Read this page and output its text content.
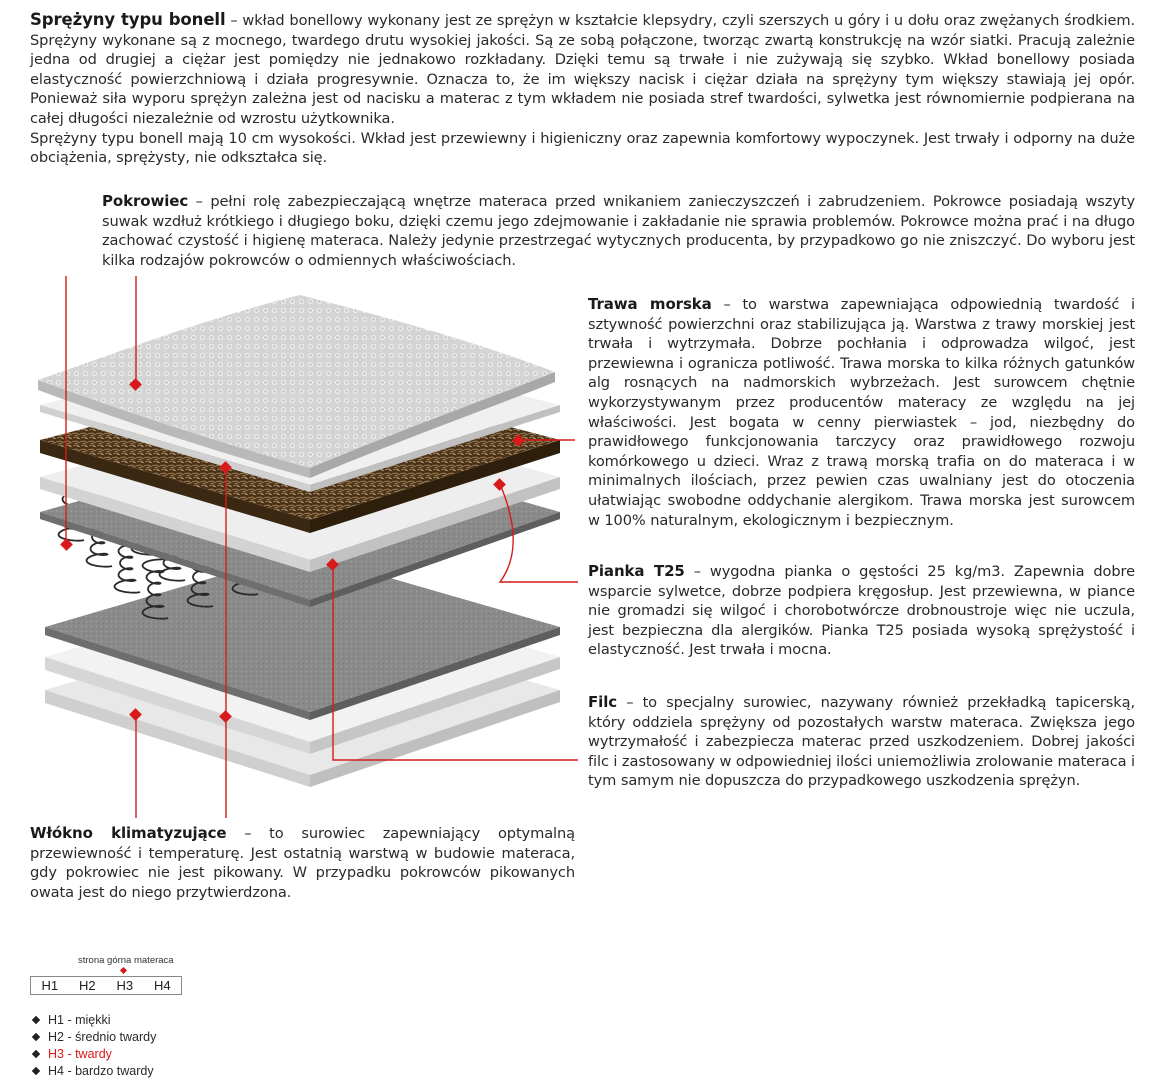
Sprężyny typu bonell – wkład bonellowy wykonany jest ze sprężyn w kształcie klepsydry, czyli szerszych u góry i u dołu oraz zwężanych środkiem. Sprężyny wykonane są z mocnego, twardego drutu wysokiej jakości. Są ze sobą połączone, tworząc zwartą konstrukcję na wzór siatki. Pracują zależnie jedna od drugiej a ciężar jest pomiędzy nie jednakowo rozkładany. Dzięki temu są trwałe i nie zużywają się szybko. Wkład bonellowy posiada elastyczność powierzchniową i działa progresywnie. Oznacza to, że im większy nacisk i ciężar działa na sprężyny tym większy stawiają jej opór. Ponieważ siła wyporu sprężyn zależna jest od nacisku a materac z tym wkładem nie posiada stref twardości, sylwetka jest równomiernie podpierana na całej długości niezależnie od wzrostu użytkownika.
Sprężyny typu bonell mają 10 cm wysokości. Wkład jest przewiewny i higieniczny oraz zapewnia komfortowy wypoczynek. Jest trwały i odporny na duże obciążenia, sprężysty, nie odkształca się.
Pokrowiec – pełni rolę zabezpieczającą wnętrze materaca przed wnikaniem zanieczyszczeń i zabrudzeniem. Pokrowce posiadają wszyty suwak wzdłuż krótkiego i długiego boku, dzięki czemu jego zdejmowanie i zakładanie nie sprawia problemów. Pokrowce można prać i na długo zachować czystość i higienę materaca. Należy jedynie przestrzegać wytycznych producenta, by przypadkowo go nie zniszczyć. Do wyboru jest kilka rodzajów pokrowców o odmiennych właściwościach.
Trawa morska – to warstwa zapewniająca odpowiednią twardość i sztywność powierzchni oraz stabilizująca ją. Warstwa z trawy morskiej jest trwała i wytrzymała. Dobrze pochłania i odprowadza wilgoć, jest przewiewna i ogranicza potliwość. Trawa morska to kilka różnych gatunków alg rosnących na nadmorskich wybrzeżach. Jest surowcem chętnie wykorzystywanym przez producentów materacy ze względu na jej właściwości. Jest bogata w cenny pierwiastek – jod, niezbędny do prawidłowego funkcjonowania tarczycy oraz prawidłowego rozwoju komórkowego u dzieci. Wraz z trawą morską trafia on do materaca i w minimalnych ilościach, przez pewien czas uwalniany jest do otoczenia ułatwiając swobodne oddychanie alergikom. Trawa morska jest surowcem w 100% naturalnym, ekologicznym i bezpiecznym.
Pianka T25 – wygodna pianka o gęstości 25 kg/m3. Zapewnia dobre wsparcie sylwetce, dobrze podpiera kręgosłup. Jest przewiewna, w piance nie gromadzi się wilgoć i chorobotwórcze drobnoustroje więc nie uczula, jest bezpieczna dla alergików. Pianka T25 posiada wysoką sprężystość i elastyczność. Jest trwała i mocna.
Filc – to specjalny surowiec, nazywany również przekładką tapicerską, który oddziela sprężyny od pozostałych warstw materaca. Zwiększa jego wytrzymałość i zabezpiecza materac przed uszkodzeniem. Dobrej jakości filc i zastosowany w odpowiedniej ilości uniemożliwia zrolowanie materaca i tym samym nie dopuszcza do przypadkowego uszkodzenia sprężyn.
Włókno klimatyzujące – to surowiec zapewniający optymalną przewiewność i temperaturę. Jest ostatnią warstwą w budowie materaca, gdy pokrowiec nie jest pikowany. W przypadku pokrowców pikowanych owata jest do niego przytwierdzona.
strona górna materaca
H1	H2	H3	H4
H1 - miękki
H2 - średnio twardy
H3 - twardy
H4 - bardzo twardy
